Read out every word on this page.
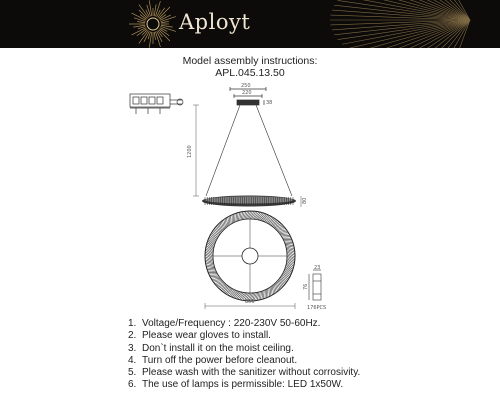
Aployt
Model assembly instructions:
APL.045.13.50
250
220
38
1200
80
800
23
76
176PCS
1. Voltage/Frequency : 220-230V 50-60Hz.
2. Please wear gloves to install.
3. Don`t install it on the moist ceiling.
4. Turn off the power before cleanout.
5. Please wash with the sanitizer without corrosivity.
6. The use of lamps is permissible: LED 1x50W.
